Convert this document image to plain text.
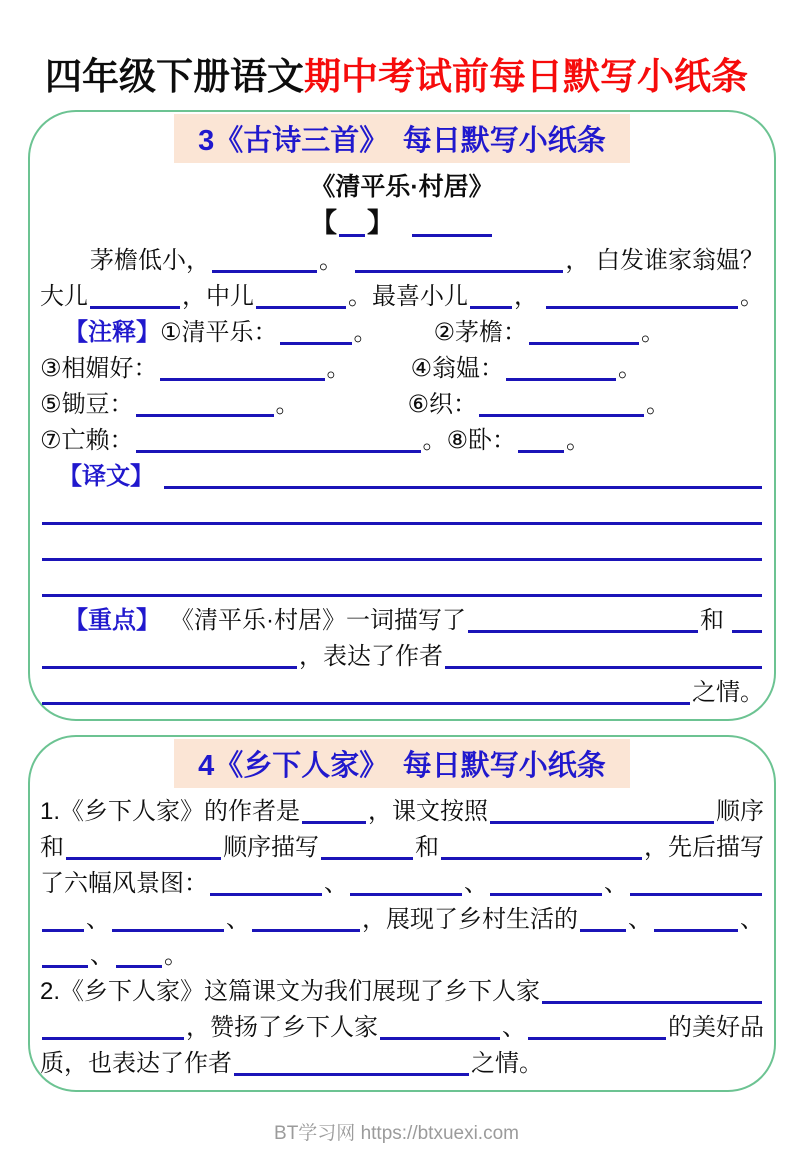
四年级下册语文期中考试前每日默写小纸条
3《古诗三首》　每日默写小纸条
《清平乐·村居》
【 】
茅檐低小，	。	， 白发谁家翁媪？
大儿	，中儿	。最喜小儿 ，	。
【注释】 ①清平乐：	。 ②茅檐：	。
③相媚好：	。	④翁媪：	。
⑤锄豆：	。	⑥织：	。
⑦亡赖：	。⑧卧： 。
【译文】
【重点】 《清平乐·村居》一词描写了	和
，表达了作者
之情。
4《乡下人家》　每日默写小纸条
1.《乡下人家》的作者是	，课文按照	顺序
和	顺序描写	和	，先后描写
了六幅风景图：	、	、	、
、	、	，展现了乡村生活的 、	、
、 。
2.《乡下人家》这篇课文为我们展现了乡下人家
，赞扬了乡下人家	、	的美好品
质，也表达了作者	之情。
BT学习网 https://btxuexi.com
